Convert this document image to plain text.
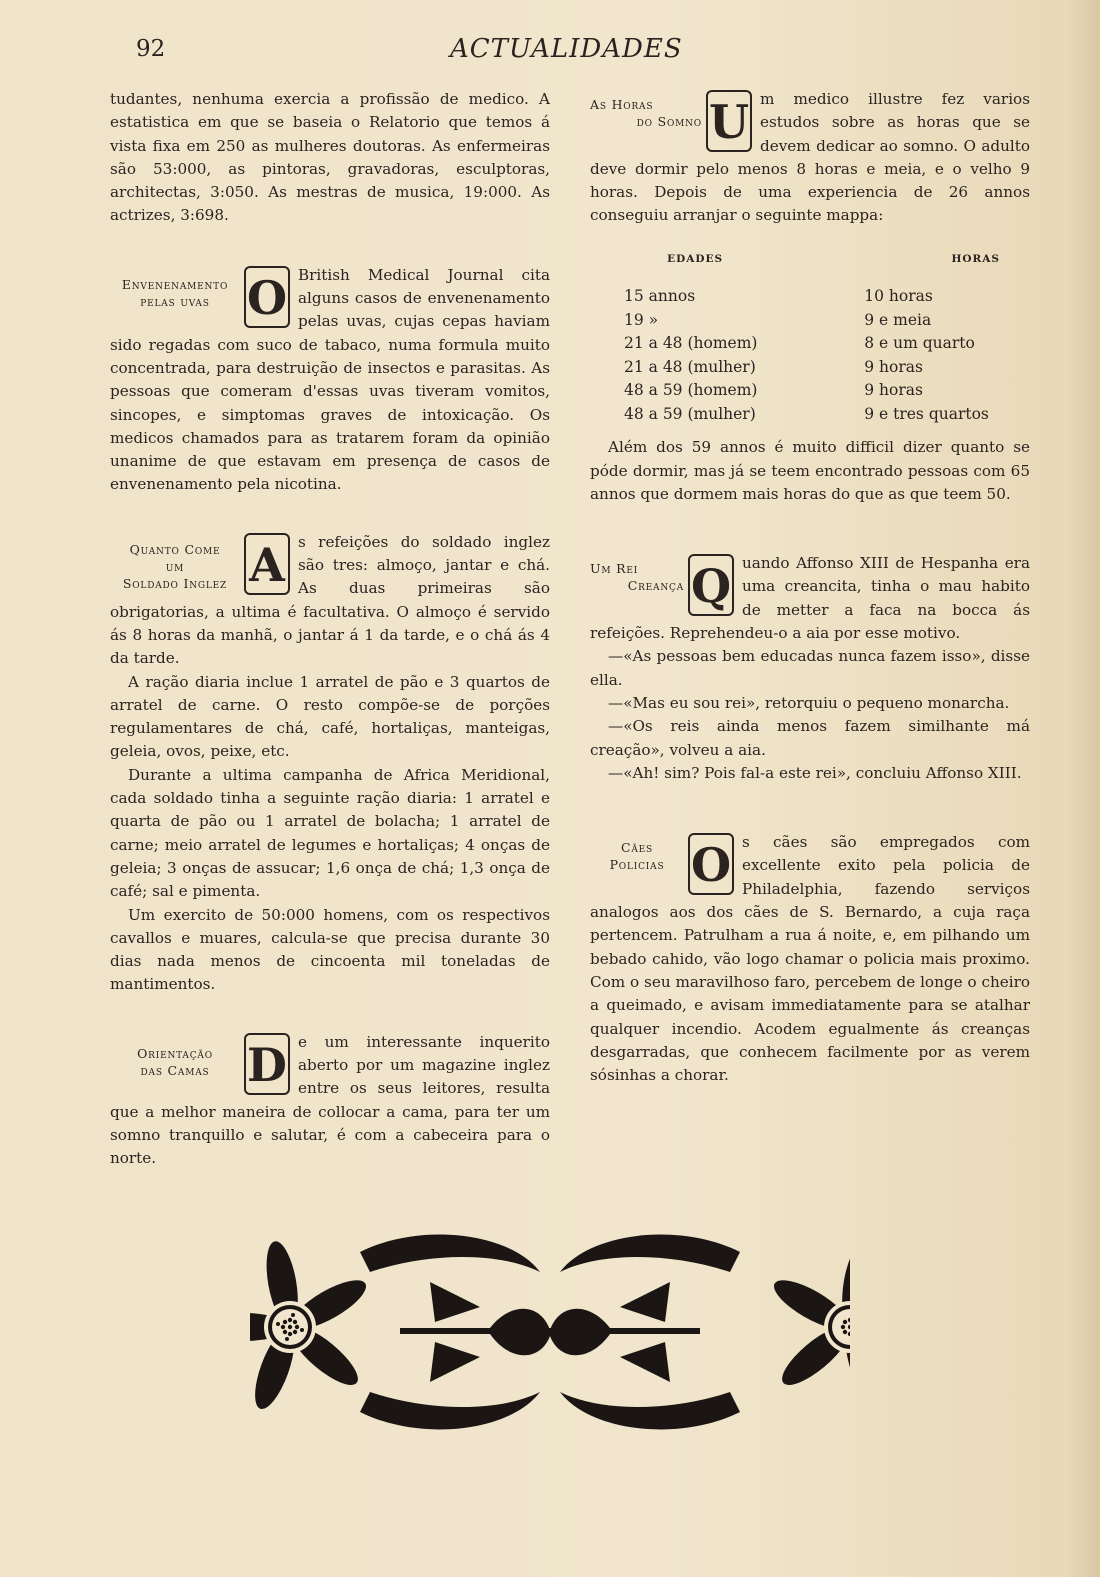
92	ACTUALIDADES

tudantes, nenhuma exercia a profissão de medico. A estatistica em que se baseia o Relatorio que temos á vista fixa em 250 as mulheres doutoras. As enfermeiras são 53:000, as pintoras, gravadoras, esculptoras, architectas, 3:050. As mestras de musica, 19:000. As actrizes, 3:698.

Envenenamento
pelas uvas O British Medical Journal cita alguns casos de envenenamento pelas uvas, cujas cepas haviam sido regadas com suco de tabaco, numa formula muito concentrada, para destruição de insectos e parasitas. As pessoas que comeram d'essas uvas tiveram vomitos, sincopes, e simptomas graves de intoxicação. Os medicos chamados para as tratarem foram da opinião unanime de que estavam em presença de casos de envenenamento pela nicotina.

Quanto Come
um
Soldado Inglez A s refeições do soldado inglez são tres: almoço, jantar e chá. As duas primeiras são obrigatorias, a ultima é facultativa. O almoço é servido ás 8 horas da manhã, o jantar á 1 da tarde, e o chá ás 4 da tarde.

A ração diaria inclue 1 arratel de pão e 3 quartos de arratel de carne. O resto compõe-se de porções regulamentares de chá, café, hortaliças, manteigas, geleia, ovos, peixe, etc.

Durante a ultima campanha de Africa Meridional, cada soldado tinha a seguinte ração diaria: 1 arratel e quarta de pão ou 1 arratel de bolacha; 1 arratel de carne; meio arratel de legumes e hortaliças; 4 onças de geleia; 3 onças de assucar; 1,6 onça de chá; 1,3 onça de café; sal e pimenta.

Um exercito de 50:000 homens, com os respectivos cavallos e muares, calcula-se que precisa durante 30 dias nada menos de cincoenta mil toneladas de mantimentos.

Orientação
das Camas D e um interessante inquerito aberto por um magazine inglez entre os seus leitores, resulta que a melhor maneira de collocar a cama, para ter um somno tranquillo e salutar, é com a cabeceira para o norte.

As Horas
do Somno U m medico illustre fez varios estudos sobre as horas que se devem dedicar ao somno. O adulto deve dormir pelo menos 8 horas e meia, e o velho 9 horas. Depois de uma experiencia de 26 annos conseguiu arranjar o seguinte mappa:

EDADES	HORAS
15 annos	10 horas
19 »	9 e meia
21 a 48 (homem)	8 e um quarto
21 a 48 (mulher)	9 horas
48 a 59 (homem)	9 horas
48 a 59 (mulher)	9 e tres quartos

Além dos 59 annos é muito difficil dizer quanto se póde dormir, mas já se teem encontrado pessoas com 65 annos que dormem mais horas do que as que teem 50.

Um Rei
Creança Q uando Affonso XIII de Hespanha era uma creancita, tinha o mau habito de metter a faca na bocca ás refeições. Reprehendeu-o a aia por esse motivo.

—«As pessoas bem educadas nunca fazem isso», disse ella.

—«Mas eu sou rei», retorquiu o pequeno monarcha.

—«Os reis ainda menos fazem similhante má creação», volveu a aia.

—«Ah! sim? Pois fal-a este rei», concluiu Affonso XIII.

Cães
Policias O s cães são empregados com excellente exito pela policia de Philadelphia, fazendo serviços analogos aos dos cães de S. Bernardo, a cuja raça pertencem. Patrulham a rua á noite, e, em pilhando um bebado cahido, vão logo chamar o policia mais proximo. Com o seu maravilhoso faro, percebem de longe o cheiro a queimado, e avisam immediatamente para se atalhar qualquer incendio. Acodem egualmente ás creanças desgarradas, que conhecem facilmente por as verem sósinhas a chorar.
